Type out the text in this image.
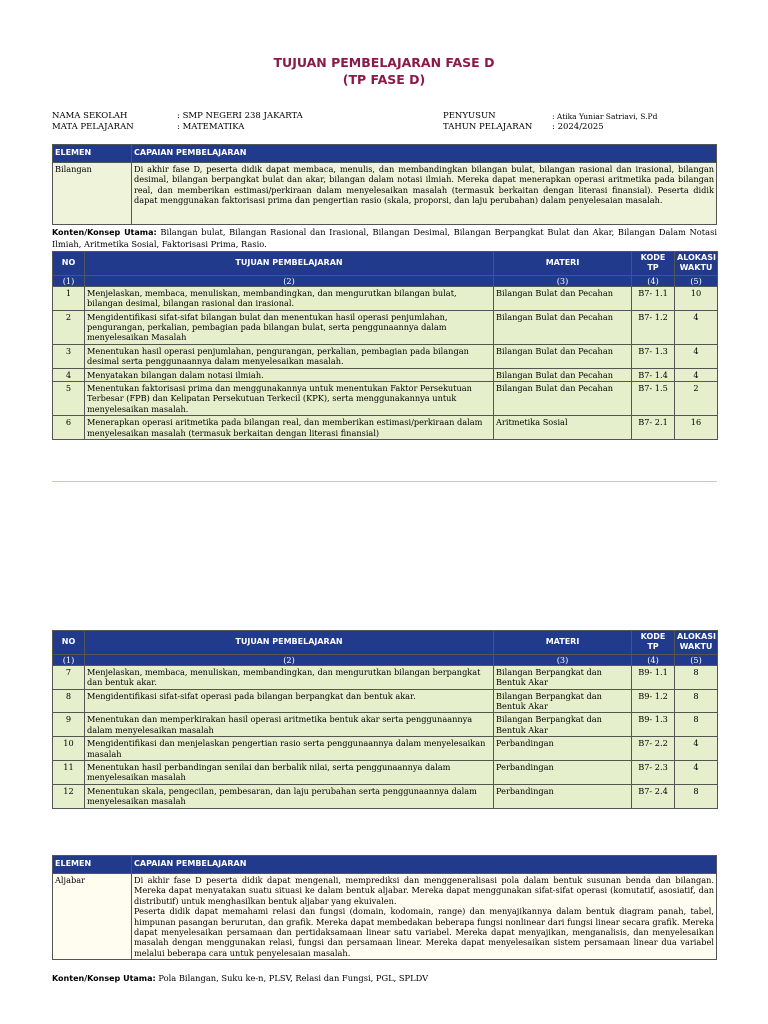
TUJUAN PEMBELAJARAN FASE D
(TP FASE D)
NAMA SEKOLAH	: SMP NEGERI 238 JAKARTA
MATA PELAJARAN	: MATEMATIKA
PENYUSUN	: Atika Yuniar Satriavi, S.Pd
TAHUN PELAJARAN : 2024/2025
ELEMEN	CAPAIAN PEMBELAJARAN
Bilangan	Di akhir fase D, peserta didik dapat membaca, menulis, dan membandingkan bilangan bulat, bilangan rasional dan irasional, bilangan desimal, bilangan berpangkat bulat dan akar, bilangan dalam notasi ilmiah. Mereka dapat menerapkan operasi aritmetika pada bilangan real, dan memberikan estimasi/perkiraan dalam menyelesaikan masalah (termasuk berkaitan dengan literasi finansial). Peserta didik dapat menggunakan faktorisasi prima dan pengertian rasio (skala, proporsi, dan laju perubahan) dalam penyelesaian masalah.
Konten/Konsep Utama: Bilangan bulat, Bilangan Rasional dan Irasional, Bilangan Desimal, Bilangan Berpangkat Bulat dan Akar, Bilangan Dalam Notasi Ilmiah, Aritmetika Sosial, Faktorisasi Prima, Rasio.
NO	TUJUAN PEMBELAJARAN	MATERI	KODE TP	ALOKASI WAKTU
(1)	(2)	(3)	(4)	(5)
1	Menjelaskan, membaca, menuliskan, membandingkan, dan mengurutkan bilangan bulat, bilangan desimal, bilangan rasional dan irasional.	Bilangan Bulat dan Pecahan	B7- 1.1	10
2	Mengidentifikasi sifat-sifat bilangan bulat dan menentukan hasil operasi penjumlahan, pengurangan, perkalian, pembagian pada bilangan bulat, serta penggunaannya dalam menyelesaikan Masalah	Bilangan Bulat dan Pecahan	B7- 1.2	4
3	Menentukan hasil operasi penjumlahan, pengurangan, perkalian, pembagian pada bilangan desimal serta penggunaannya dalam menyelesaikan masalah.	Bilangan Bulat dan Pecahan	B7- 1.3	4
4	Menyatakan bilangan dalam notasi ilmiah.	Bilangan Bulat dan Pecahan	B7- 1.4	4
5	Menentukan faktorisasi prima dan menggunakannya untuk menentukan Faktor Persekutuan Terbesar (FPB) dan Kelipatan Persekutuan Terkecil (KPK), serta menggunakannya untuk menyelesaikan masalah.	Bilangan Bulat dan Pecahan	B7- 1.5	2
6	Menerapkan operasi aritmetika pada bilangan real, dan memberikan estimasi/perkiraan dalam menyelesaikan masalah (termasuk berkaitan dengan literasi finansial)	Aritmetika Sosial	B7- 2.1	16
NO	TUJUAN PEMBELAJARAN	MATERI	KODE TP	ALOKASI WAKTU
(1)	(2)	(3)	(4)	(5)
7	Menjelaskan, membaca, menuliskan, membandingkan, dan mengurutkan bilangan berpangkat dan bentuk akar.	Bilangan Berpangkat dan Bentuk Akar	B9- 1.1	8
8	Mengidentifikasi sifat-sifat operasi pada bilangan berpangkat dan bentuk akar.	Bilangan Berpangkat dan Bentuk Akar	B9- 1.2	8
9	Menentukan dan memperkirakan hasil operasi aritmetika bentuk akar serta penggunaannya dalam menyelesaikan masalah	Bilangan Berpangkat dan Bentuk Akar	B9- 1.3	8
10	Mengidentifikasi dan menjelaskan pengertian rasio serta penggunaannya dalam menyelesaikan masalah	Perbandingan	B7- 2.2	4
11	Menentukan hasil perbandingan senilai dan berbalik nilai, serta penggunaannya dalam menyelesaikan masalah	Perbandingan	B7- 2.3	4
12	Menentukan skala, pengecilan, pembesaran, dan laju perubahan serta penggunaannya dalam menyelesaikan masalah	Perbandingan	B7- 2.4	8
ELEMEN	CAPAIAN PEMBELAJARAN
Aljabar	Di akhir fase D peserta didik dapat mengenali, memprediksi dan menggeneralisasi pola dalam bentuk susunan benda dan bilangan. Mereka dapat menyatakan suatu situasi ke dalam bentuk aljabar. Mereka dapat menggunakan sifat-sifat operasi (komutatif, asosiatif, dan distributif) untuk menghasilkan bentuk aljabar yang ekuivalen.
Peserta didik dapat memahami relasi dan fungsi (domain, kodomain, range) dan menyajikannya dalam bentuk diagram panah, tabel, himpunan pasangan berurutan, dan grafik. Mereka dapat membedakan beberapa fungsi nonlinear dari fungsi linear secara grafik. Mereka dapat menyelesaikan persamaan dan pertidaksamaan linear satu variabel. Mereka dapat menyajikan, menganalisis, dan menyelesaikan masalah dengan menggunakan relasi, fungsi dan persamaan linear. Mereka dapat menyelesaikan sistem persamaan linear dua variabel melalui beberapa cara untuk penyelesaian masalah.
Konten/Konsep Utama: Pola Bilangan, Suku ke-n, PLSV, Relasi dan Fungsi, PGL, SPLDV
